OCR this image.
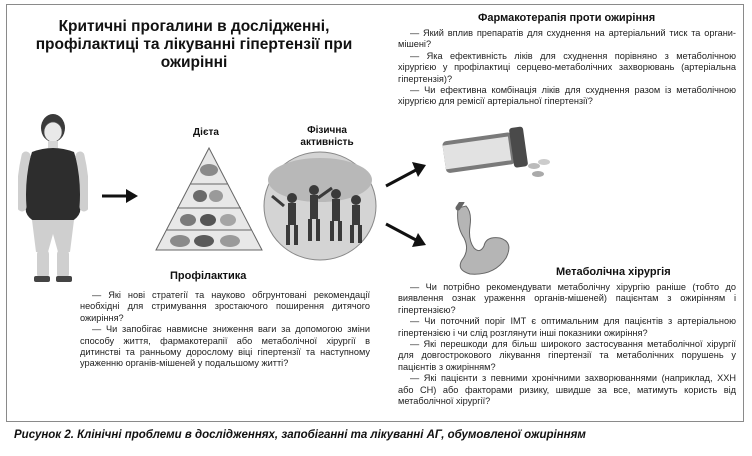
Критичні прогалини в дослідженні, профілактиці та лікуванні гіпертензії при ожирінні
Фармакотерапія проти ожиріння

— Який вплив препаратів для схуднення на артеріальний тиск та органи-мішені?

— Яка ефективність ліків для схуднення порівняно з метаболічною хірургією у профілактиці серцево-метаболічних захворювань (артеріальна гіпертензія)?

— Чи ефективна комбінація ліків для схуднення разом із метаболічною хірургією для ремісії артеріальної гіпертензії?

Дієта	Фізична активність
Метаболічна хірургія

— Чи потрібно рекомендувати метаболічну хірургію раніше (тобто до виявлення ознак ураження органів-мішеней) пацієнтам з ожирінням і гіпертензією?

— Чи поточний поріг ІМТ є оптимальним для пацієнтів з артеріальною гіпертензією і чи слід розглянути інші показники ожиріння?

— Які перешкоди для більш широкого застосування метаболічної хірургії для довгострокового лікування гіпертензії та метаболічних порушень у пацієнтів з ожирінням?

— Які пацієнти з певними хронічними захворюваннями (наприклад, ХХН або СН) або факторами ризику, швидше за все, матимуть користь від метаболічної хірургії?

Профілактика

— Які нові стратегії та науково обгрунтовані рекомендації необхідні для стримування зростаючого поширення дитячого ожиріння?

— Чи запобігає навмисне зниження ваги за допомогою зміни способу життя, фармакотерапії або метаболічної хірургії в дитинстві та ранньому дорослому віці гіпертензії та наступному ураженню органів-мішеней у подальшому житті?

Рисунок 2. Клінічні проблеми в дослідженнях, запобіганні та лікуванні АГ, обумовленої ожирінням
